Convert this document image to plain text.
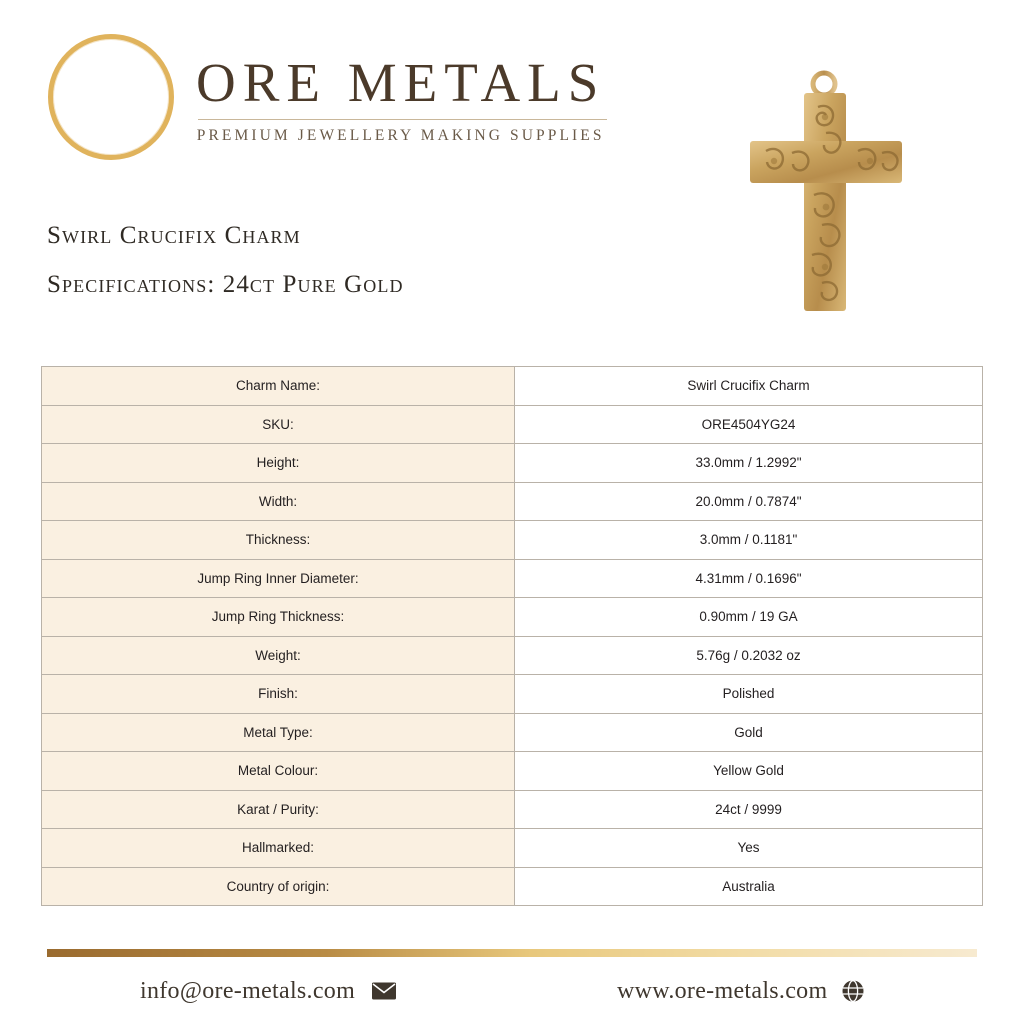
ORE METALS
PREMIUM JEWELLERY MAKING SUPPLIES
Swirl Crucifix Charm
Specifications: 24ct Pure Gold
Charm Name:	Swirl Crucifix Charm
SKU:	ORE4504YG24
Height:	33.0mm / 1.2992"
Width:	20.0mm / 0.7874"
Thickness:	3.0mm / 0.1181"
Jump Ring Inner Diameter:	4.31mm / 0.1696"
Jump Ring Thickness:	0.90mm / 19 GA
Weight:	5.76g / 0.2032 oz
Finish:	Polished
Metal Type:	Gold
Metal Colour:	Yellow Gold
Karat / Purity:	24ct / 9999
Hallmarked:	Yes
Country of origin:	Australia
info@ore-metals.com	www.ore-metals.com
